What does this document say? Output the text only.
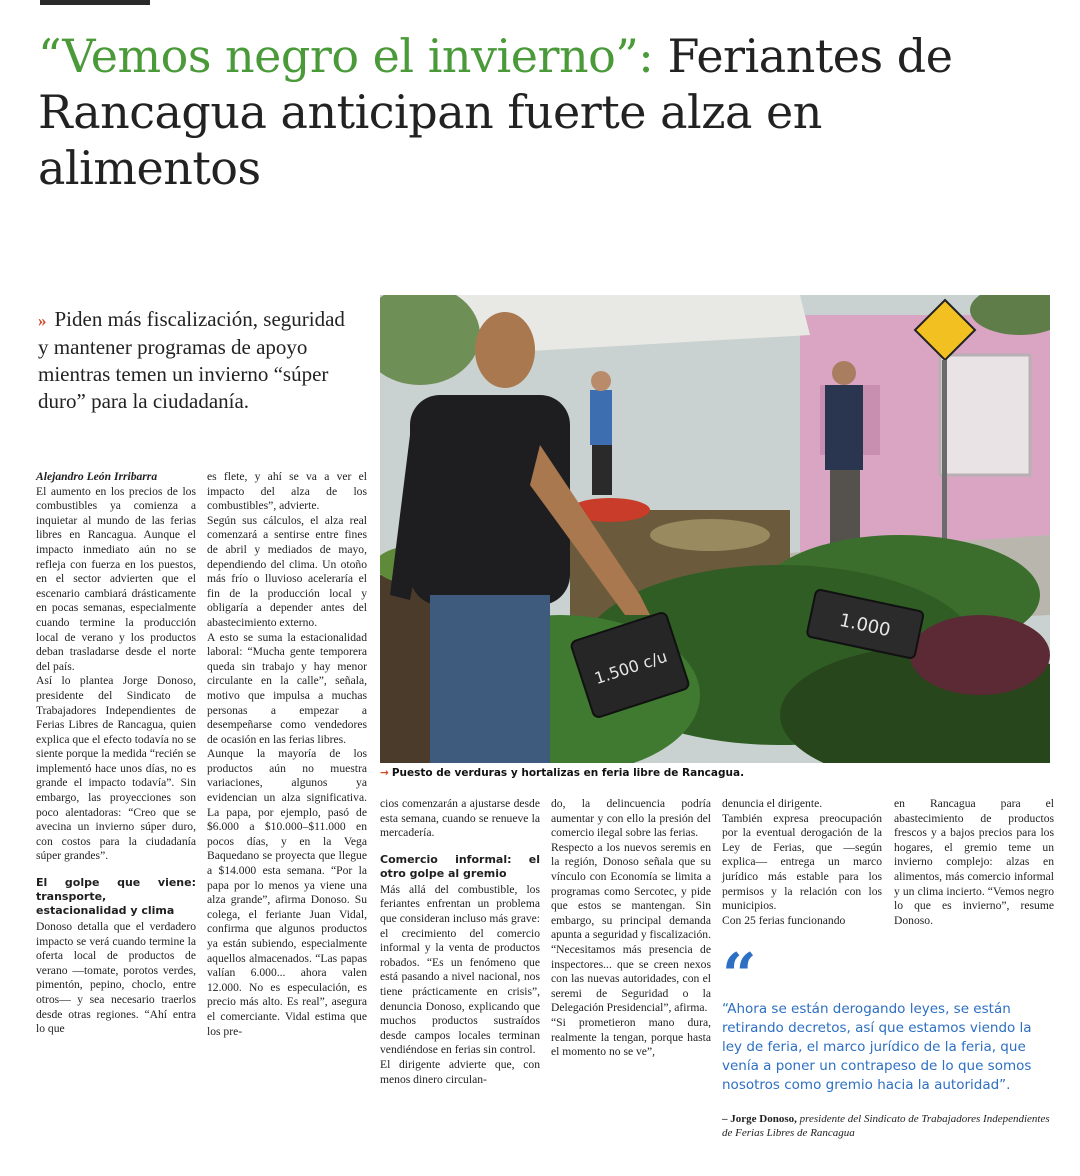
“Vemos negro el invierno”: Feriantes de Rancagua anticipan fuerte alza en alimentos
» Piden más fiscalización, seguridad y mantener programas de apoyo mientras temen un invierno “súper duro” para la ciudadanía.
1.500 c/u
1.000
→ Puesto de verduras y hortalizas en feria libre de Rancagua.

Alejandro León Irribarra

El aumento en los precios de los combustibles ya comienza a inquietar al mundo de las ferias libres en Rancagua. Aunque el impacto inmediato aún no se refleja con fuerza en los puestos, en el sector advierten que el escenario cambiará drásticamente en pocas semanas, especialmente cuando termine la producción local de verano y los productos deban trasladarse desde el norte del país.

Así lo plantea Jorge Donoso, presidente del Sindicato de Trabajadores Independientes de Ferias Libres de Rancagua, quien explica que el efecto todavía no se siente porque la medida “recién se implementó hace unos días, no es grande el impacto todavía”. Sin embargo, las proyecciones son poco alentadoras: “Creo que se avecina un invierno súper duro, con costos para la ciudadanía súper grandes”.

El golpe que viene: transporte, estacionalidad y clima

Donoso detalla que el verdadero impacto se verá cuando termine la oferta local de productos de verano —tomate, porotos verdes, pimentón, pepino, choclo, entre otros— y sea necesario traerlos desde otras regiones. “Ahí entra lo que

es flete, y ahí se va a ver el impacto del alza de los combustibles”, advierte.

Según sus cálculos, el alza real comenzará a sentirse entre fines de abril y mediados de mayo, dependiendo del clima. Un otoño más frío o lluvioso aceleraría el fin de la producción local y obligaría a depender antes del abastecimiento externo.

A esto se suma la estacionalidad laboral: “Mucha gente temporera queda sin trabajo y hay menor circulante en la calle”, señala, motivo que impulsa a muchas personas a empezar a desempeñarse como vendedores de ocasión en las ferias libres.

Aunque la mayoría de los productos aún no muestra variaciones, algunos ya evidencian un alza significativa. La papa, por ejemplo, pasó de $6.000 a $10.000–$11.000 en pocos días, y en la Vega Baquedano se proyecta que llegue a $14.000 esta semana. “Por la papa por lo menos ya viene una alza grande”, afirma Donoso. Su colega, el feriante Juan Vidal, confirma que algunos productos ya están subiendo, especialmente aquellos almacenados. “Las papas valían 6.000... ahora valen 12.000. No es especulación, es precio más alto. Es real”, asegura el comerciante. Vidal estima que los pre-

cios comenzarán a ajustarse desde esta semana, cuando se renueve la mercadería.

Comercio informal: el otro golpe al gremio

Más allá del combustible, los feriantes enfrentan un problema que consideran incluso más grave: el crecimiento del comercio informal y la venta de productos robados. “Es un fenómeno que está pasando a nivel nacional, nos tiene prácticamente en crisis”, denuncia Donoso, explicando que muchos productos sustraídos desde campos locales terminan vendiéndose en ferias sin control.

El dirigente advierte que, con menos dinero circulan-

do, la delincuencia podría aumentar y con ello la presión del comercio ilegal sobre las ferias.

Respecto a los nuevos seremis en la región, Donoso señala que su vínculo con Economía se limita a programas como Sercotec, y pide que estos se mantengan. Sin embargo, su principal demanda apunta a seguridad y fiscalización.

“Necesitamos más presencia de inspectores... que se creen nexos con las nuevas autoridades, con el seremi de Seguridad o la Delegación Presidencial”, afirma.

“Si prometieron mano dura, realmente la tengan, porque hasta el momento no se ve”,

denuncia el dirigente.

También expresa preocupación por la eventual derogación de la Ley de Ferias, que —según explica— entrega un marco jurídico más estable para los permisos y la relación con los municipios.

Con 25 ferias funcionando

en Rancagua para el abastecimiento de productos frescos y a bajos precios para los hogares, el gremio teme un invierno complejo: alzas en alimentos, más comercio informal y un clima incierto. “Vemos negro lo que es invierno”, resume Donoso.

“
“Ahora se están derogando leyes, se están retirando decretos, así que estamos viendo la ley de feria, el marco jurídico de la feria, que venía a poner un contrapeso de lo que somos nosotros como gremio hacia la autoridad”.
– Jorge Donoso, presidente del Sindicato de Trabajadores Independientes de Ferias Libres de Rancagua
